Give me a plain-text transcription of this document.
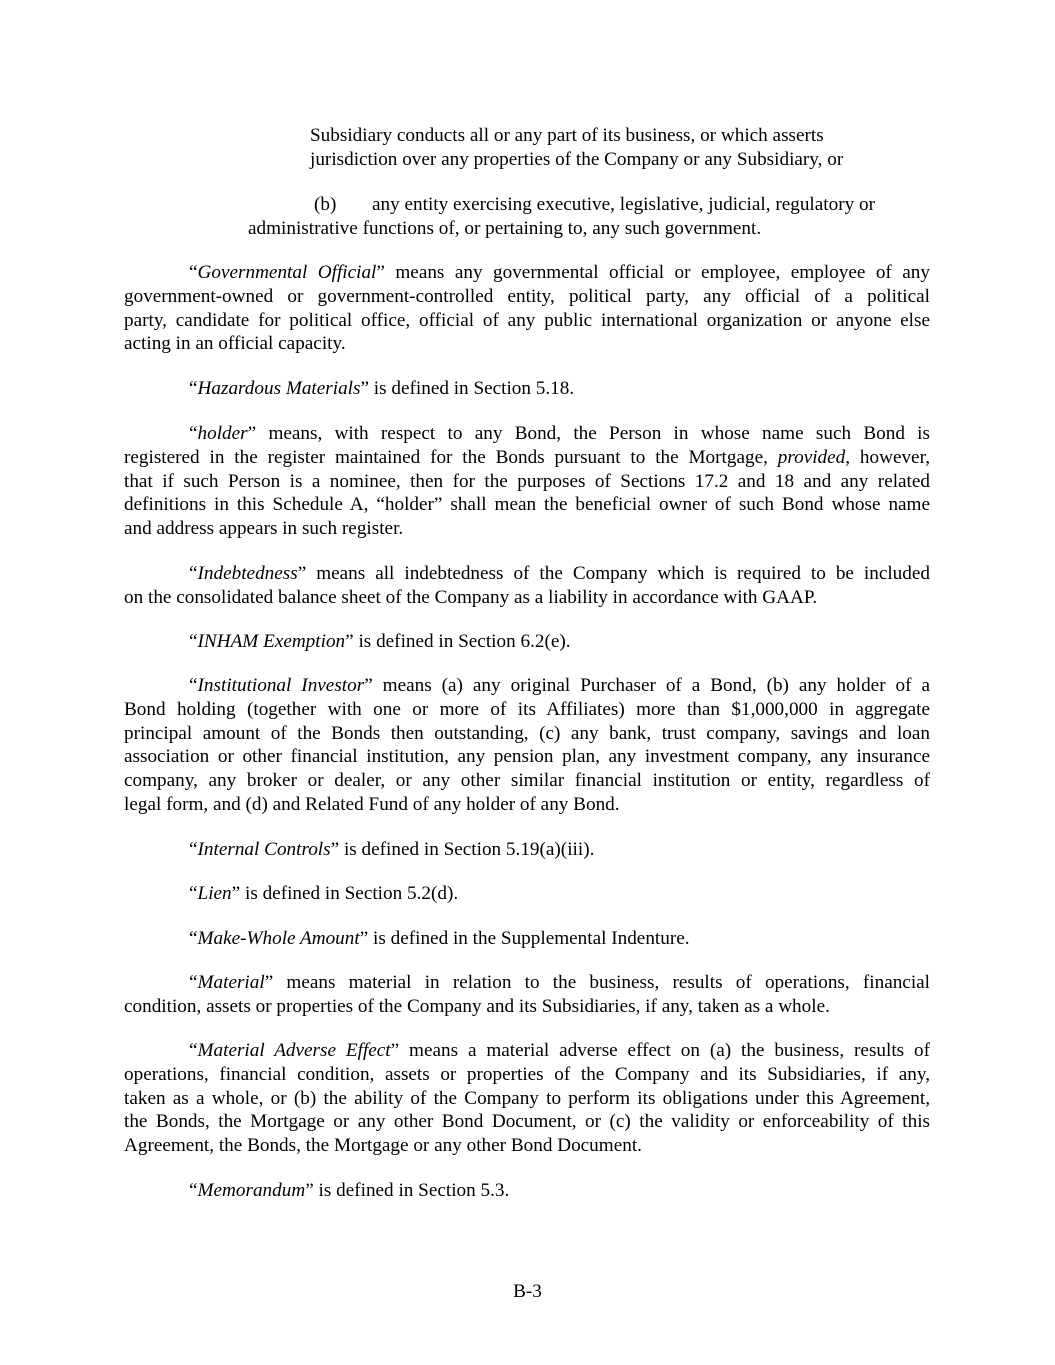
Subsidiary conducts all or any part of its business, or which asserts
jurisdiction over any properties of the Company or any Subsidiary, or
(b) any entity exercising executive, legislative, judicial, regulatory or
administrative functions of, or pertaining to, any such government.
“Governmental Official” means any governmental official or employee, employee of any
government-owned or government-controlled entity, political party, any official of a political
party, candidate for political office, official of any public international organization or anyone else
acting in an official capacity.
“Hazardous Materials” is defined in Section 5.18.
“holder” means, with respect to any Bond, the Person in whose name such Bond is
registered in the register maintained for the Bonds pursuant to the Mortgage, provided, however,
that if such Person is a nominee, then for the purposes of Sections 17.2 and 18 and any related
definitions in this Schedule A, “holder” shall mean the beneficial owner of such Bond whose name
and address appears in such register.
“Indebtedness” means all indebtedness of the Company which is required to be included
on the consolidated balance sheet of the Company as a liability in accordance with GAAP.
“INHAM Exemption” is defined in Section 6.2(e).
“Institutional Investor” means (a) any original Purchaser of a Bond, (b) any holder of a
Bond holding (together with one or more of its Affiliates) more than $1,000,000 in aggregate
principal amount of the Bonds then outstanding, (c) any bank, trust company, savings and loan
association or other financial institution, any pension plan, any investment company, any insurance
company, any broker or dealer, or any other similar financial institution or entity, regardless of
legal form, and (d) and Related Fund of any holder of any Bond.
“Internal Controls” is defined in Section 5.19(a)(iii).
“Lien” is defined in Section 5.2(d).
“Make-Whole Amount” is defined in the Supplemental Indenture.
“Material” means material in relation to the business, results of operations, financial
condition, assets or properties of the Company and its Subsidiaries, if any, taken as a whole.
“Material Adverse Effect” means a material adverse effect on (a) the business, results of
operations, financial condition, assets or properties of the Company and its Subsidiaries, if any,
taken as a whole, or (b) the ability of the Company to perform its obligations under this Agreement,
the Bonds, the Mortgage or any other Bond Document, or (c) the validity or enforceability of this
Agreement, the Bonds, the Mortgage or any other Bond Document.
“Memorandum” is defined in Section 5.3.
B-3
